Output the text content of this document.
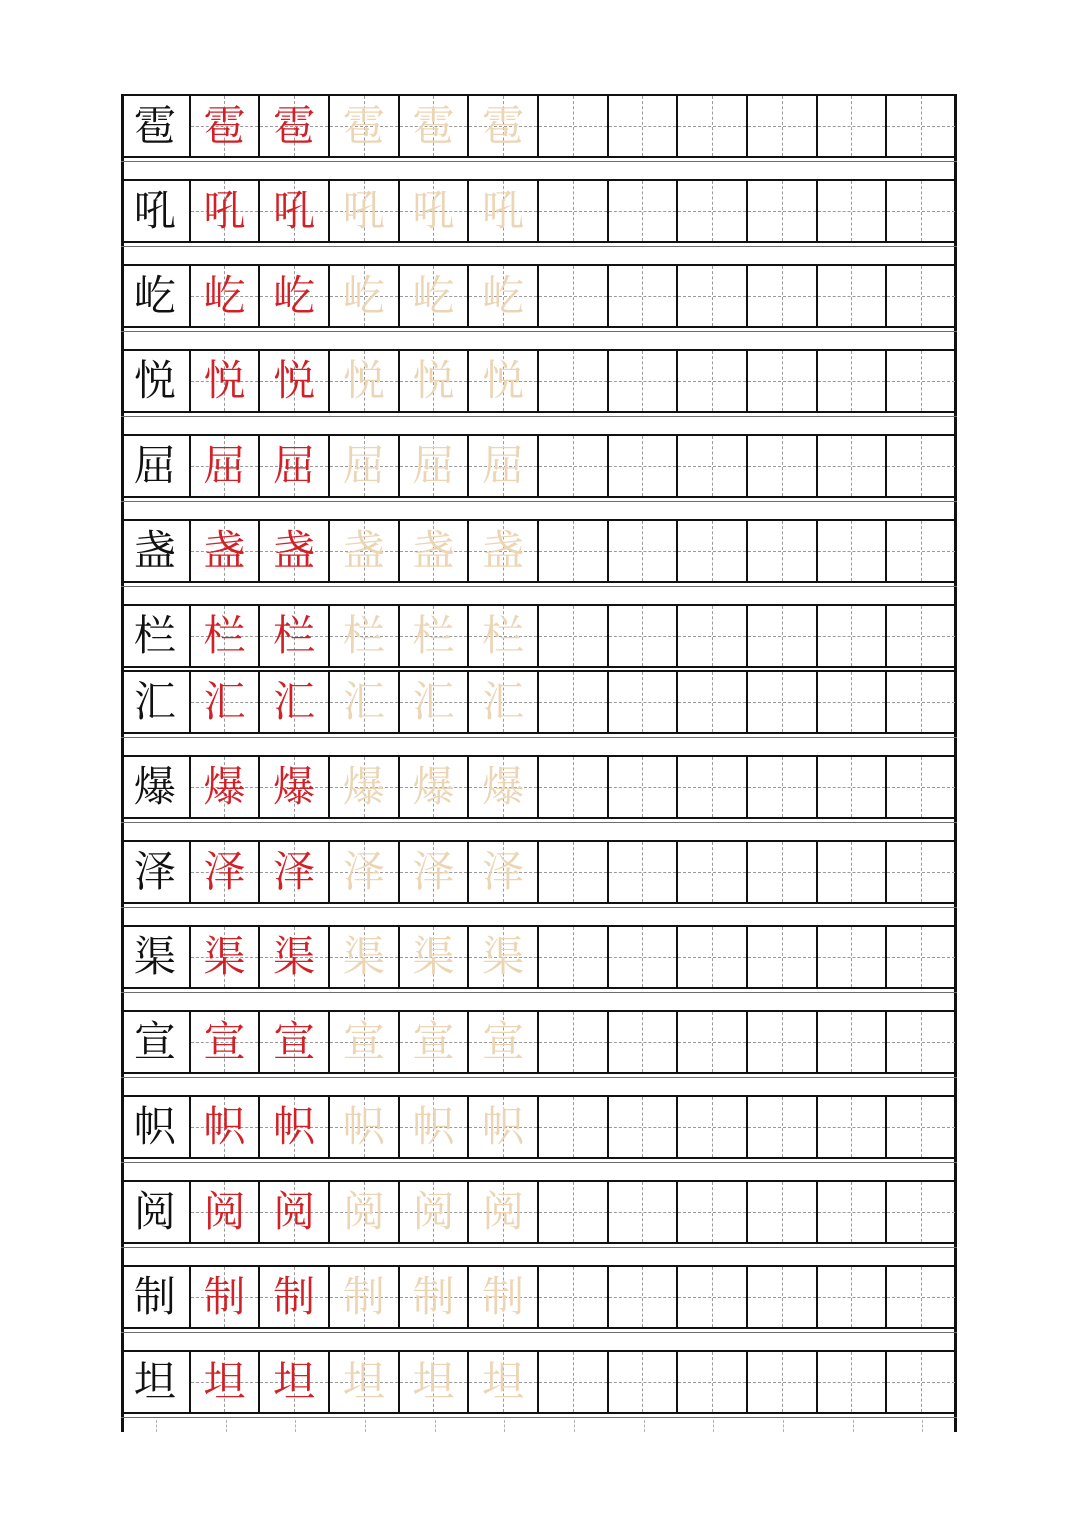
雹 雹 雹 雹 雹 雹
吼 吼 吼 吼 吼 吼
屹 屹 屹 屹 屹 屹
悦 悦 悦 悦 悦 悦
屈 屈 屈 屈 屈 屈
盏 盏 盏 盏 盏 盏
栏 栏 栏 栏 栏 栏
汇 汇 汇 汇 汇 汇
爆 爆 爆 爆 爆 爆
泽 泽 泽 泽 泽 泽
渠 渠 渠 渠 渠 渠
宣 宣 宣 宣 宣 宣
帜 帜 帜 帜 帜 帜
阅 阅 阅 阅 阅 阅
制 制 制 制 制 制
坦 坦 坦 坦 坦 坦
